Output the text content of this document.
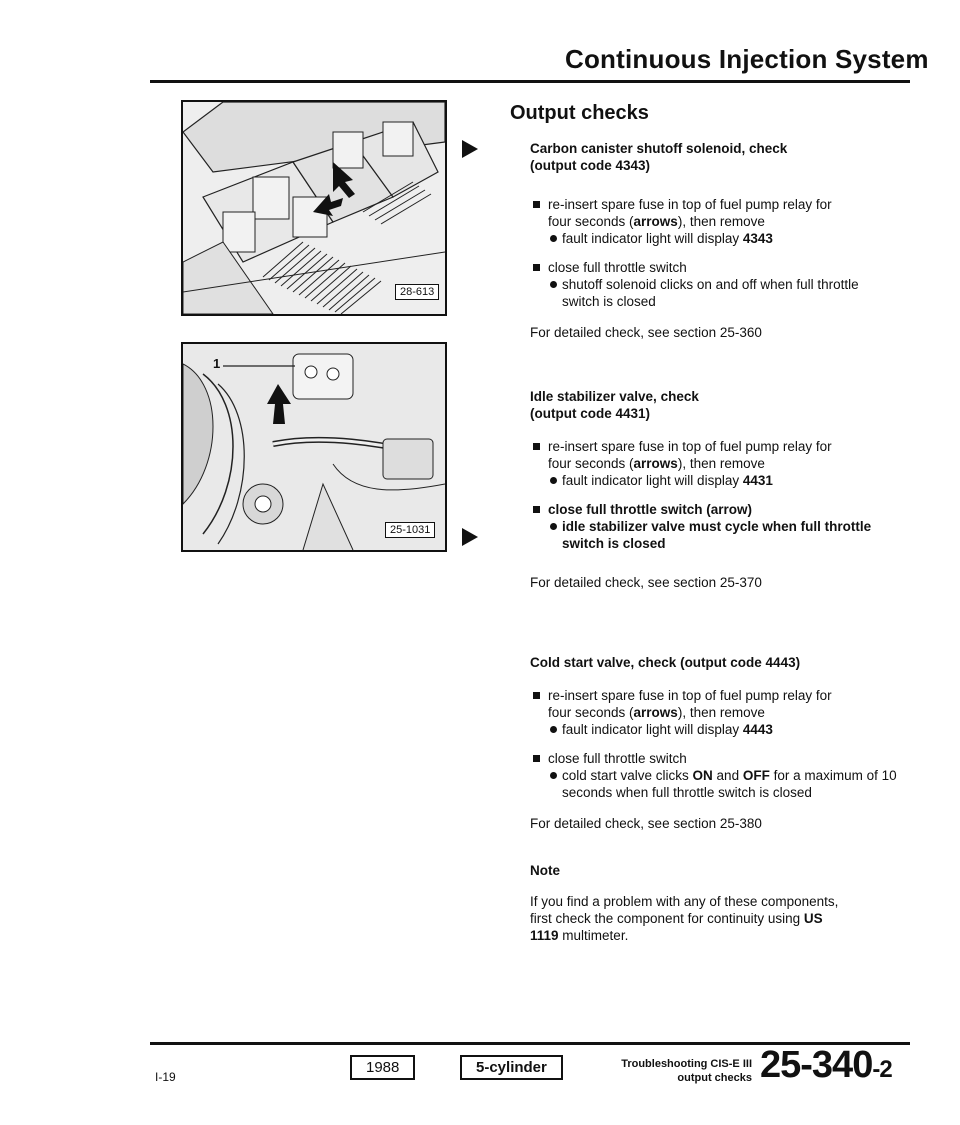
Continuous Injection System
Output checks
28-613
1
25-1031

Carbon canister shutoff solenoid, check
(output code 4343)

re-insert spare fuse in top of fuel pump relay for four seconds (arrows), then remove
fault indicator light will display 4343
close full throttle switch
shutoff solenoid clicks on and off when full throttle switch is closed

For detailed check, see section 25-360

Idle stabilizer valve, check
(output code 4431)

re-insert spare fuse in top of fuel pump relay for four seconds (arrows), then remove
fault indicator light will display 4431
close full throttle switch (arrow)
idle stabilizer valve must cycle when full throttle switch is closed

For detailed check, see section 25-370

Cold start valve, check (output code 4443)

re-insert spare fuse in top of fuel pump relay for four seconds (arrows), then remove
fault indicator light will display 4443
close full throttle switch
cold start valve clicks ON and OFF for a maximum of 10 seconds when full throttle switch is closed

For detailed check, see section 25-380

Note

If you find a problem with any of these components, first check the component for continuity using US 1119 multimeter.

I-19
1988	5-cylinder	Troubleshooting CIS-E III
output checks 25-340-2
